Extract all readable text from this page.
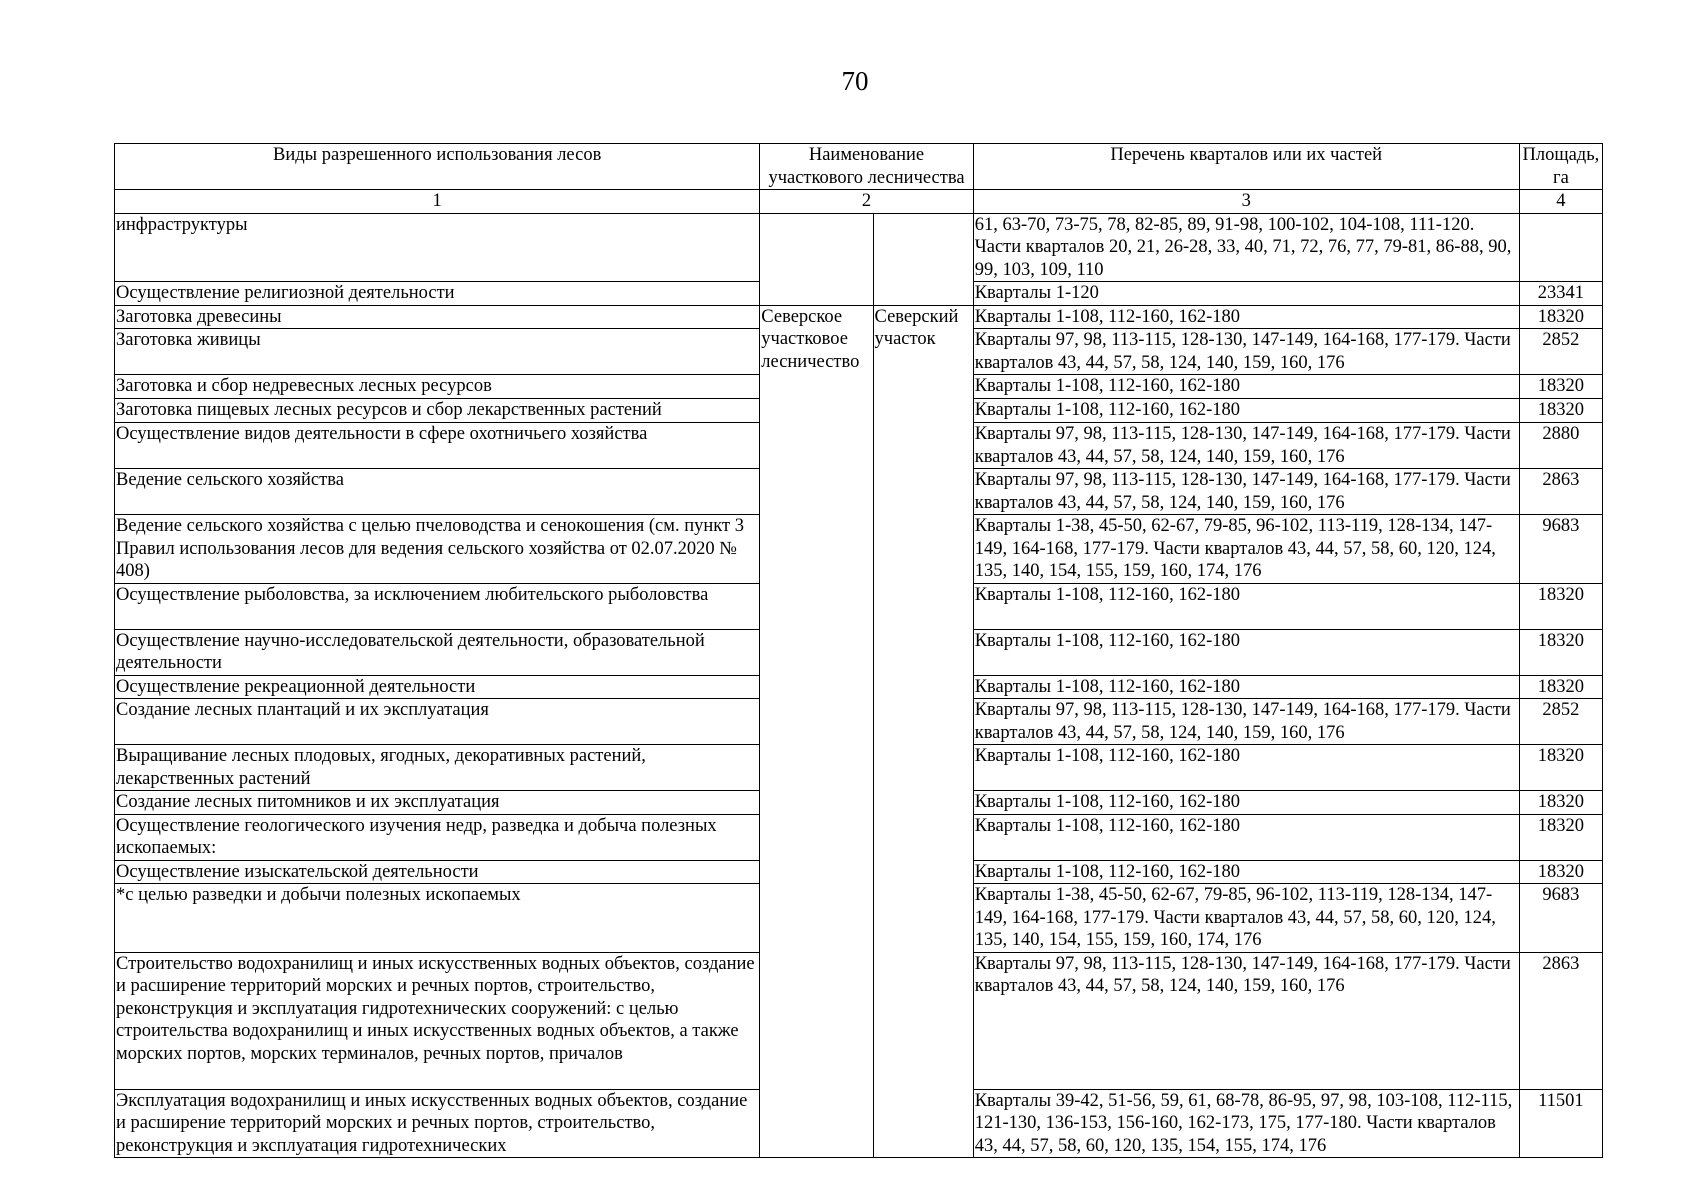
70
Виды разрешенного использования лесов	Наименование участкового лесничества		Перечень кварталов или их частей	Площадь, га
1	2		3	4
инфраструктуры			61, 63-70, 73-75, 78, 82-85, 89, 91-98, 100-102, 104-108, 111-120. Части кварталов 20, 21, 26-28, 33, 40, 71, 72, 76, 77, 79-81, 86-88, 90, 99, 103, 109, 110	
Осуществление религиозной деятельности			Кварталы 1-120	23341
Заготовка древесины	Северское участковое лесничество	Северский участок	Кварталы 1-108, 112-160, 162-180	18320
Заготовка живицы			Кварталы 97, 98, 113-115, 128-130, 147-149, 164-168, 177-179. Части кварталов 43, 44, 57, 58, 124, 140, 159, 160, 176	2852
Заготовка и сбор недревесных лесных ресурсов			Кварталы 1-108, 112-160, 162-180	18320
Заготовка пищевых лесных ресурсов и сбор лекарственных растений			Кварталы 1-108, 112-160, 162-180	18320
Осуществление видов деятельности в сфере охотничьего хозяйства			Кварталы 97, 98, 113-115, 128-130, 147-149, 164-168, 177-179. Части кварталов 43, 44, 57, 58, 124, 140, 159, 160, 176	2880
Ведение сельского хозяйства			Кварталы 97, 98, 113-115, 128-130, 147-149, 164-168, 177-179. Части кварталов 43, 44, 57, 58, 124, 140, 159, 160, 176	2863
Ведение сельского хозяйства с целью пчеловодства и сенокошения (см. пункт 3 Правил использования лесов для ведения сельского хозяйства от 02.07.2020 № 408)			Кварталы 1-38, 45-50, 62-67, 79-85, 96-102, 113-119, 128-134, 147-149, 164-168, 177-179. Части кварталов 43, 44, 57, 58, 60, 120, 124, 135, 140, 154, 155, 159, 160, 174, 176	9683
Осуществление рыболовства, за исключением любительского рыболовства			Кварталы 1-108, 112-160, 162-180	18320
Осуществление научно-исследовательской деятельности, образовательной деятельности			Кварталы 1-108, 112-160, 162-180	18320
Осуществление рекреационной деятельности			Кварталы 1-108, 112-160, 162-180	18320
Создание лесных плантаций и их эксплуатация			Кварталы 97, 98, 113-115, 128-130, 147-149, 164-168, 177-179. Части кварталов 43, 44, 57, 58, 124, 140, 159, 160, 176	2852
Выращивание лесных плодовых, ягодных, декоративных растений, лекарственных растений			Кварталы 1-108, 112-160, 162-180	18320
Создание лесных питомников и их эксплуатация			Кварталы 1-108, 112-160, 162-180	18320
Осуществление геологического изучения недр, разведка и добыча полезных ископаемых:			Кварталы 1-108, 112-160, 162-180	18320
Осуществление изыскательской деятельности			Кварталы 1-108, 112-160, 162-180	18320
*с целью разведки и добычи полезных ископаемых			Кварталы 1-38, 45-50, 62-67, 79-85, 96-102, 113-119, 128-134, 147-149, 164-168, 177-179. Части кварталов 43, 44, 57, 58, 60, 120, 124, 135, 140, 154, 155, 159, 160, 174, 176	9683
Строительство водохранилищ и иных искусственных водных объектов, создание и расширение территорий морских и речных портов, строительство, реконструкция и эксплуатация гидротехнических сооружений: с целью строительства водохранилищ и иных искусственных водных объектов, а также морских портов, морских терминалов, речных портов, причалов			Кварталы 97, 98, 113-115, 128-130, 147-149, 164-168, 177-179. Части кварталов 43, 44, 57, 58, 124, 140, 159, 160, 176	2863
Эксплуатация водохранилищ и иных искусственных водных объектов, создание и расширение территорий морских и речных портов, строительство, реконструкция и эксплуатация гидротехнических			Кварталы 39-42, 51-56, 59, 61, 68-78, 86-95, 97, 98, 103-108, 112-115, 121-130, 136-153, 156-160, 162-173, 175, 177-180. Части кварталов 43, 44, 57, 58, 60, 120, 135, 154, 155, 174, 176	11501
